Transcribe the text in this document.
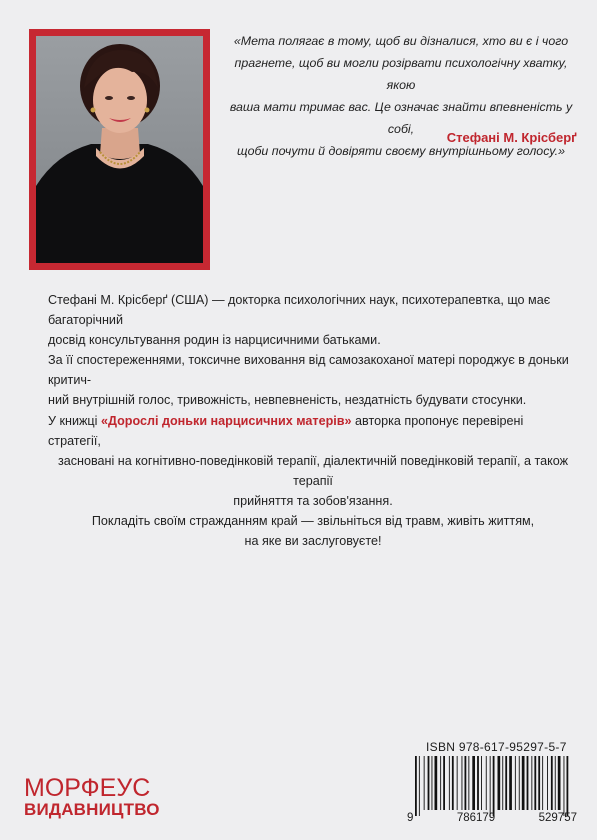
«Мета полягає в тому, щоб ви дізналися, хто ви є і чого
прагнете, щоб ви могли розірвати психологічну хватку, якою
ваша мати тримає вас. Це означає знайти впевненість у собі,
щоби почути й довіряти своєму внутрішньому голосу.»
Стефані М. Крісберґ

Стефані М. Крісберґ (США) — докторка психологічних наук, психотерапевтка, що має багаторічний

досвід консультування родин із нарцисичними батьками.

За її спостереженнями, токсичне виховання від самозакоханої матері породжує в доньки критич-

ний внутрішній голос, тривожність, невпевненість, нездатність будувати стосунки.

У книжці «Дорослі доньки нарцисичних матерів» авторка пропонує перевірені стратегії,

засновані на когнітивно-поведінковій терапії, діалектичній поведінковій терапії, а також терапії

прийняття та зобов'язання.

Покладіть своїм стражданням край — звільніться від травм, живіть життям,

на яке ви заслуговуєте!

МОРФЕУС
ВИДАВНИЦТВО
ISBN 978-617-95297-5-7
9	786179	529757
